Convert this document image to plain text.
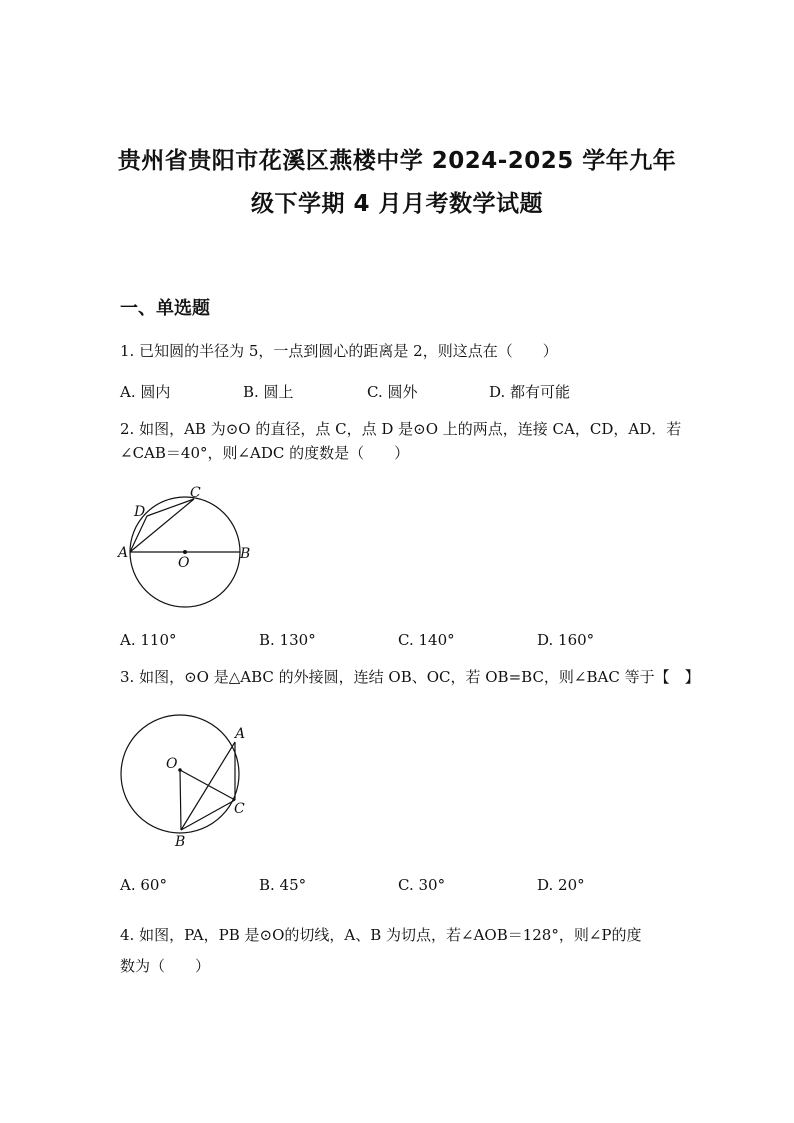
贵州省贵阳市花溪区燕楼中学 2024-2025 学年九年
级下学期 4 月月考数学试题
一、单选题
1. 已知圆的半径为 5，一点到圆心的距离是 2，则这点在（　　）
A. 圆内	B. 圆上	C. 圆外	D. 都有可能
2. 如图，AB 为⊙O 的直径，点 C，点 D 是⊙O 上的两点，连接 CA，CD，AD．若
∠CAB＝40°，则∠ADC 的度数是（　　）
A	B
C
D
O
A. 110°	B. 130°	C. 140°	D. 160°
3. 如图，⊙O 是△ABC 的外接圆，连结 OB、OC，若 OB=BC，则∠BAC 等于【　】
O
A
C
B
A. 60°	B. 45°	C. 30°	D. 20°
4. 如图，PA，PB 是⊙O的切线，A、B 为切点，若∠AOB＝128°，则∠P的度
数为（　　）
